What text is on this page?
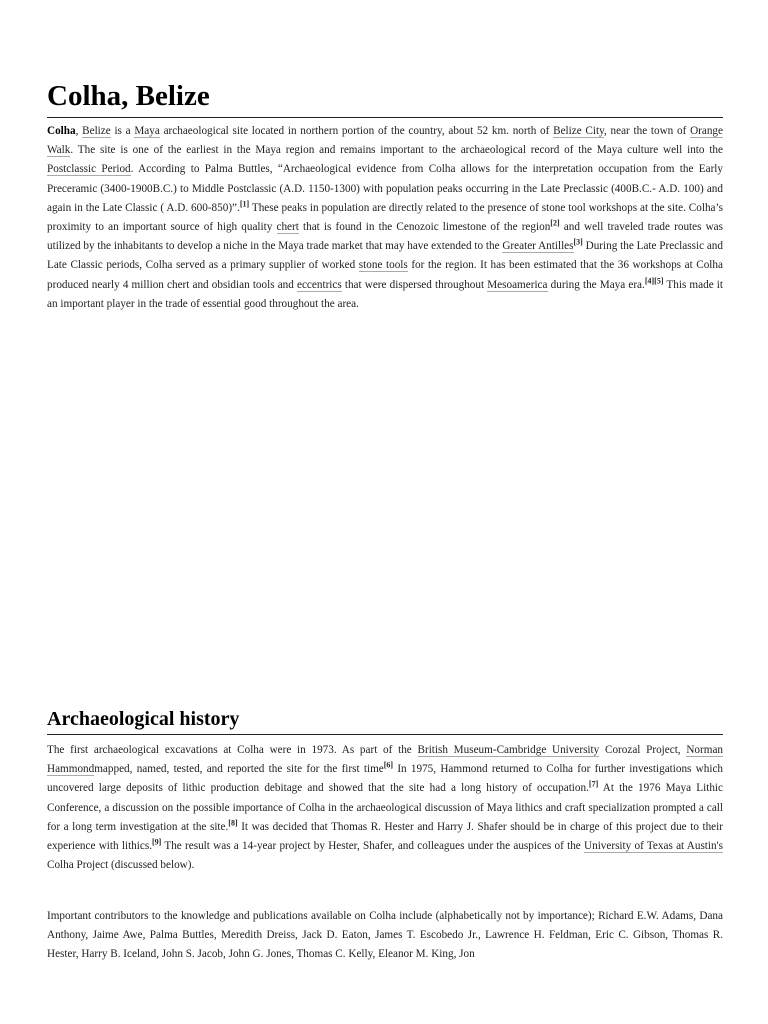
Colha, Belize

Colha, Belize is a Maya archaeological site located in northern portion of the country, about 52 km. north of Belize City, near the town of Orange Walk. The site is one of the earliest in the Maya region and remains important to the archaeological record of the Maya culture well into the Postclassic Period. According to Palma Buttles, “Archaeological evidence from Colha allows for the interpretation occupation from the Early Preceramic (3400-1900B.C.) to Middle Postclassic (A.D. 1150-1300) with population peaks occurring in the Late Preclassic (400B.C.- A.D. 100) and again in the Late Classic ( A.D. 600-850)”.[1] These peaks in population are directly related to the presence of stone tool workshops at the site. Colha’s proximity to an important source of high quality chert that is found in the Cenozoic limestone of the region[2] and well traveled trade routes was utilized by the inhabitants to develop a niche in the Maya trade market that may have extended to the Greater Antilles[3] During the Late Preclassic and Late Classic periods, Colha served as a primary supplier of worked stone tools for the region. It has been estimated that the 36 workshops at Colha produced nearly 4 million chert and obsidian tools and eccentrics that were dispersed throughout Mesoamerica during the Maya era.[4][5] This made it an important player in the trade of essential good throughout the area.

Archaeological history

The first archaeological excavations at Colha were in 1973. As part of the British Museum-Cambridge University Corozal Project, Norman Hammondmapped, named, tested, and reported the site for the first time[6] In 1975, Hammond returned to Colha for further investigations which uncovered large deposits of lithic production debitage and showed that the site had a long history of occupation.[7] At the 1976 Maya Lithic Conference, a discussion on the possible importance of Colha in the archaeological discussion of Maya lithics and craft specialization prompted a call for a long term investigation at the site.[8] It was decided that Thomas R. Hester and Harry J. Shafer should be in charge of this project due to their experience with lithics.[9] The result was a 14-year project by Hester, Shafer, and colleagues under the auspices of the University of Texas at Austin's Colha Project (discussed below).

Important contributors to the knowledge and publications available on Colha include (alphabetically not by importance); Richard E.W. Adams, Dana Anthony, Jaime Awe, Palma Buttles, Meredith Dreiss, Jack D. Eaton, James T. Escobedo Jr., Lawrence H. Feldman, Eric C. Gibson, Thomas R. Hester, Harry B. Iceland, John S. Jacob, John G. Jones, Thomas C. Kelly, Eleanor M. King, Jon
